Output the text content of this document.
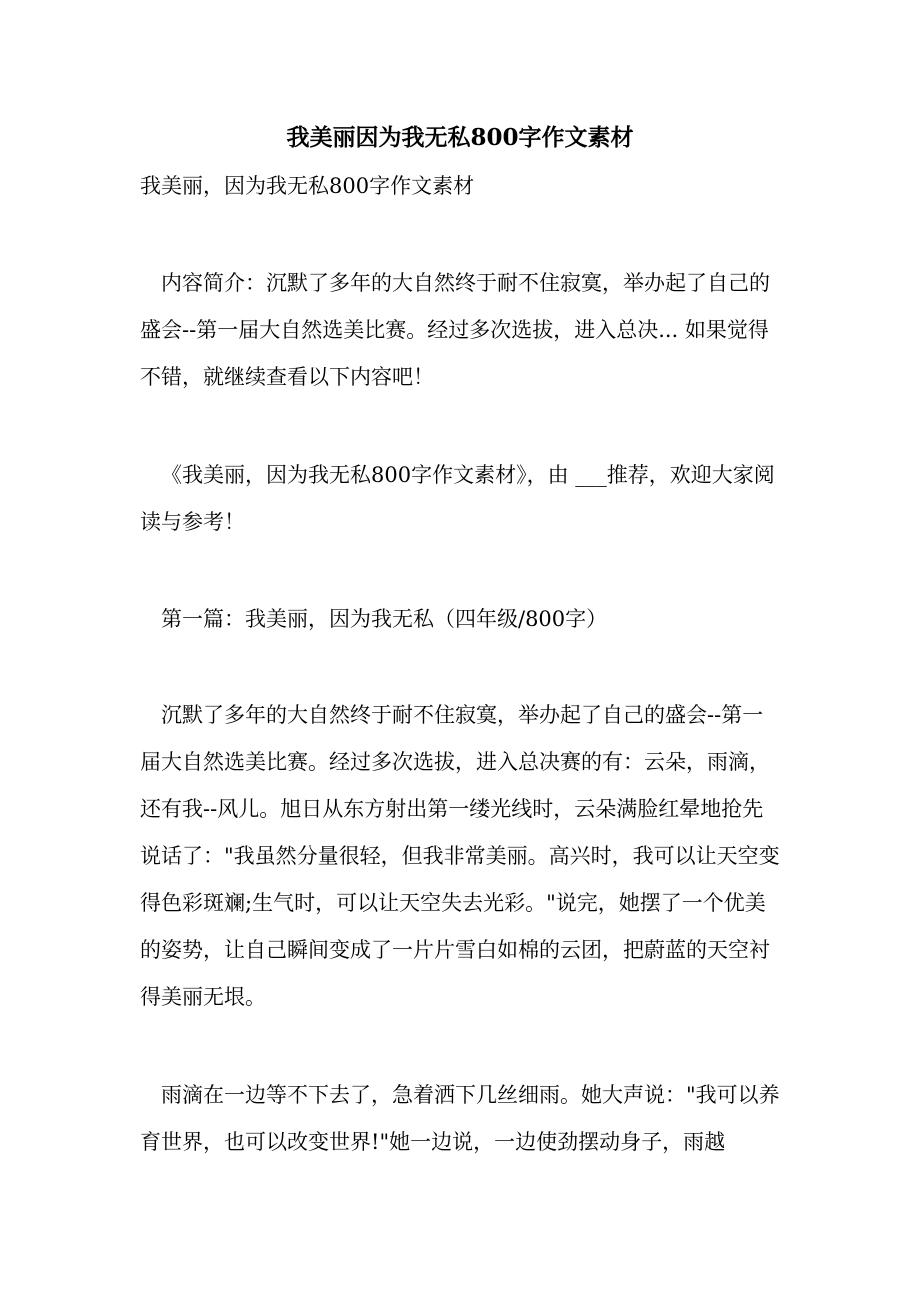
我美丽因为我无私800字作文素材
我美丽，因为我无私800字作文素材
内容简介：沉默了多年的大自然终于耐不住寂寞，举办起了自己的盛会--第一届大自然选美比赛。经过多次选拔，进入总决... 如果觉得不错，就继续查看以下内容吧！
《我美丽，因为我无私800字作文素材》，由 ___推荐，欢迎大家阅读与参考！
第一篇：我美丽，因为我无私（四年级/800字）
沉默了多年的大自然终于耐不住寂寞，举办起了自己的盛会--第一届大自然选美比赛。经过多次选拔，进入总决赛的有：云朵，雨滴，还有我--风儿。旭日从东方射出第一缕光线时，云朵满脸红晕地抢先说话了："我虽然分量很轻，但我非常美丽。高兴时，我可以让天空变得色彩斑斓;生气时，可以让天空失去光彩。"说完，她摆了一个优美的姿势，让自己瞬间变成了一片片雪白如棉的云团，把蔚蓝的天空衬得美丽无垠。
雨滴在一边等不下去了，急着洒下几丝细雨。她大声说："我可以养育世界，也可以改变世界!"她一边说，一边使劲摆动身子，雨越
